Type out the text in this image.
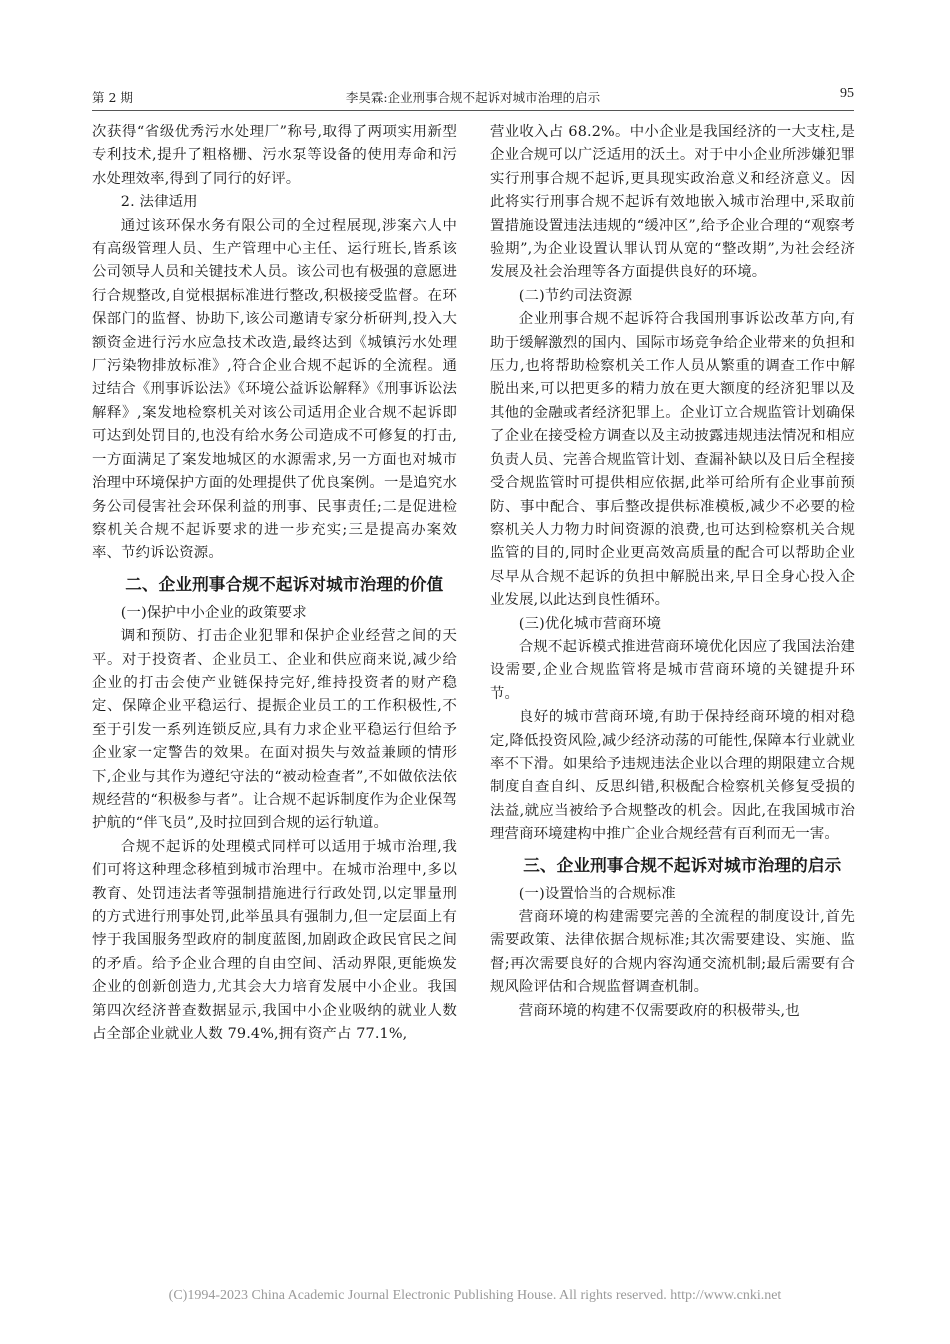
第 2 期	李昊霖:企业刑事合规不起诉对城市治理的启示	95

次获得“省级优秀污水处理厂”称号,取得了两项实用新型专利技术,提升了粗格栅、污水泵等设备的使用寿命和污水处理效率,得到了同行的好评。

2. 法律适用

通过该环保水务有限公司的全过程展现,涉案六人中有高级管理人员、生产管理中心主任、运行班长,皆系该公司领导人员和关键技术人员。该公司也有极强的意愿进行合规整改,自觉根据标准进行整改,积极接受监督。在环保部门的监督、协助下,该公司邀请专家分析研判,投入大额资金进行污水应急技术改造,最终达到《城镇污水处理厂污染物排放标准》,符合企业合规不起诉的全流程。通过结合《刑事诉讼法》《环境公益诉讼解释》《刑事诉讼法解释》,案发地检察机关对该公司适用企业合规不起诉即可达到处罚目的,也没有给水务公司造成不可修复的打击,一方面满足了案发地城区的水源需求,另一方面也对城市治理中环境保护方面的处理提供了优良案例。一是追究水务公司侵害社会环保利益的刑事、民事责任;二是促进检察机关合规不起诉要求的进一步充实;三是提高办案效率、节约诉讼资源。

二、企业刑事合规不起诉对城市治理的价值

(一)保护中小企业的政策要求

调和预防、打击企业犯罪和保护企业经营之间的天平。对于投资者、企业员工、企业和供应商来说,减少给企业的打击会使产业链保持完好,维持投资者的财产稳定、保障企业平稳运行、提振企业员工的工作积极性,不至于引发一系列连锁反应,具有力求企业平稳运行但给予企业家一定警告的效果。在面对损失与效益兼顾的情形下,企业与其作为遵纪守法的“被动检查者”,不如做依法依规经营的“积极参与者”。让合规不起诉制度作为企业保驾护航的“伴飞员”,及时拉回到合规的运行轨道。

合规不起诉的处理模式同样可以适用于城市治理,我们可将这种理念移植到城市治理中。在城市治理中,多以教育、处罚违法者等强制措施进行行政处罚,以定罪量刑的方式进行刑事处罚,此举虽具有强制力,但一定层面上有悖于我国服务型政府的制度蓝图,加剧政企政民官民之间的矛盾。给予企业合理的自由空间、活动界限,更能焕发企业的创新创造力,尤其会大力培育发展中小企业。我国第四次经济普查数据显示,我国中小企业吸纳的就业人数占全部企业就业人数 79.4%,拥有资产占 77.1%,

营业收入占 68.2%。中小企业是我国经济的一大支柱,是企业合规可以广泛适用的沃土。对于中小企业所涉嫌犯罪实行刑事合规不起诉,更具现实政治意义和经济意义。因此将实行刑事合规不起诉有效地嵌入城市治理中,采取前置措施设置违法违规的“缓冲区”,给予企业合理的“观察考验期”,为企业设置认罪认罚从宽的“整改期”,为社会经济发展及社会治理等各方面提供良好的环境。

(二)节约司法资源

企业刑事合规不起诉符合我国刑事诉讼改革方向,有助于缓解激烈的国内、国际市场竞争给企业带来的负担和压力,也将帮助检察机关工作人员从繁重的调查工作中解脱出来,可以把更多的精力放在更大额度的经济犯罪以及其他的金融或者经济犯罪上。企业订立合规监管计划确保了企业在接受检方调查以及主动披露违规违法情况和相应负责人员、完善合规监管计划、查漏补缺以及日后全程接受合规监管时可提供相应依据,此举可给所有企业事前预防、事中配合、事后整改提供标准模板,减少不必要的检察机关人力物力时间资源的浪费,也可达到检察机关合规监管的目的,同时企业更高效高质量的配合可以帮助企业尽早从合规不起诉的负担中解脱出来,早日全身心投入企业发展,以此达到良性循环。

(三)优化城市营商环境

合规不起诉模式推进营商环境优化因应了我国法治建设需要,企业合规监管将是城市营商环境的关键提升环节。

良好的城市营商环境,有助于保持经商环境的相对稳定,降低投资风险,减少经济动荡的可能性,保障本行业就业率不下滑。如果给予违规违法企业以合理的期限建立合规制度自查自纠、反思纠错,积极配合检察机关修复受损的法益,就应当被给予合规整改的机会。因此,在我国城市治理营商环境建构中推广企业合规经营有百利而无一害。

三、企业刑事合规不起诉对城市治理的启示

(一)设置恰当的合规标准

营商环境的构建需要完善的全流程的制度设计,首先需要政策、法律依据合规标准;其次需要建设、实施、监督;再次需要良好的合规内容沟通交流机制;最后需要有合规风险评估和合规监督调查机制。

营商环境的构建不仅需要政府的积极带头,也

(C)1994-2023 China Academic Journal Electronic Publishing House. All rights reserved. http://www.cnki.net
